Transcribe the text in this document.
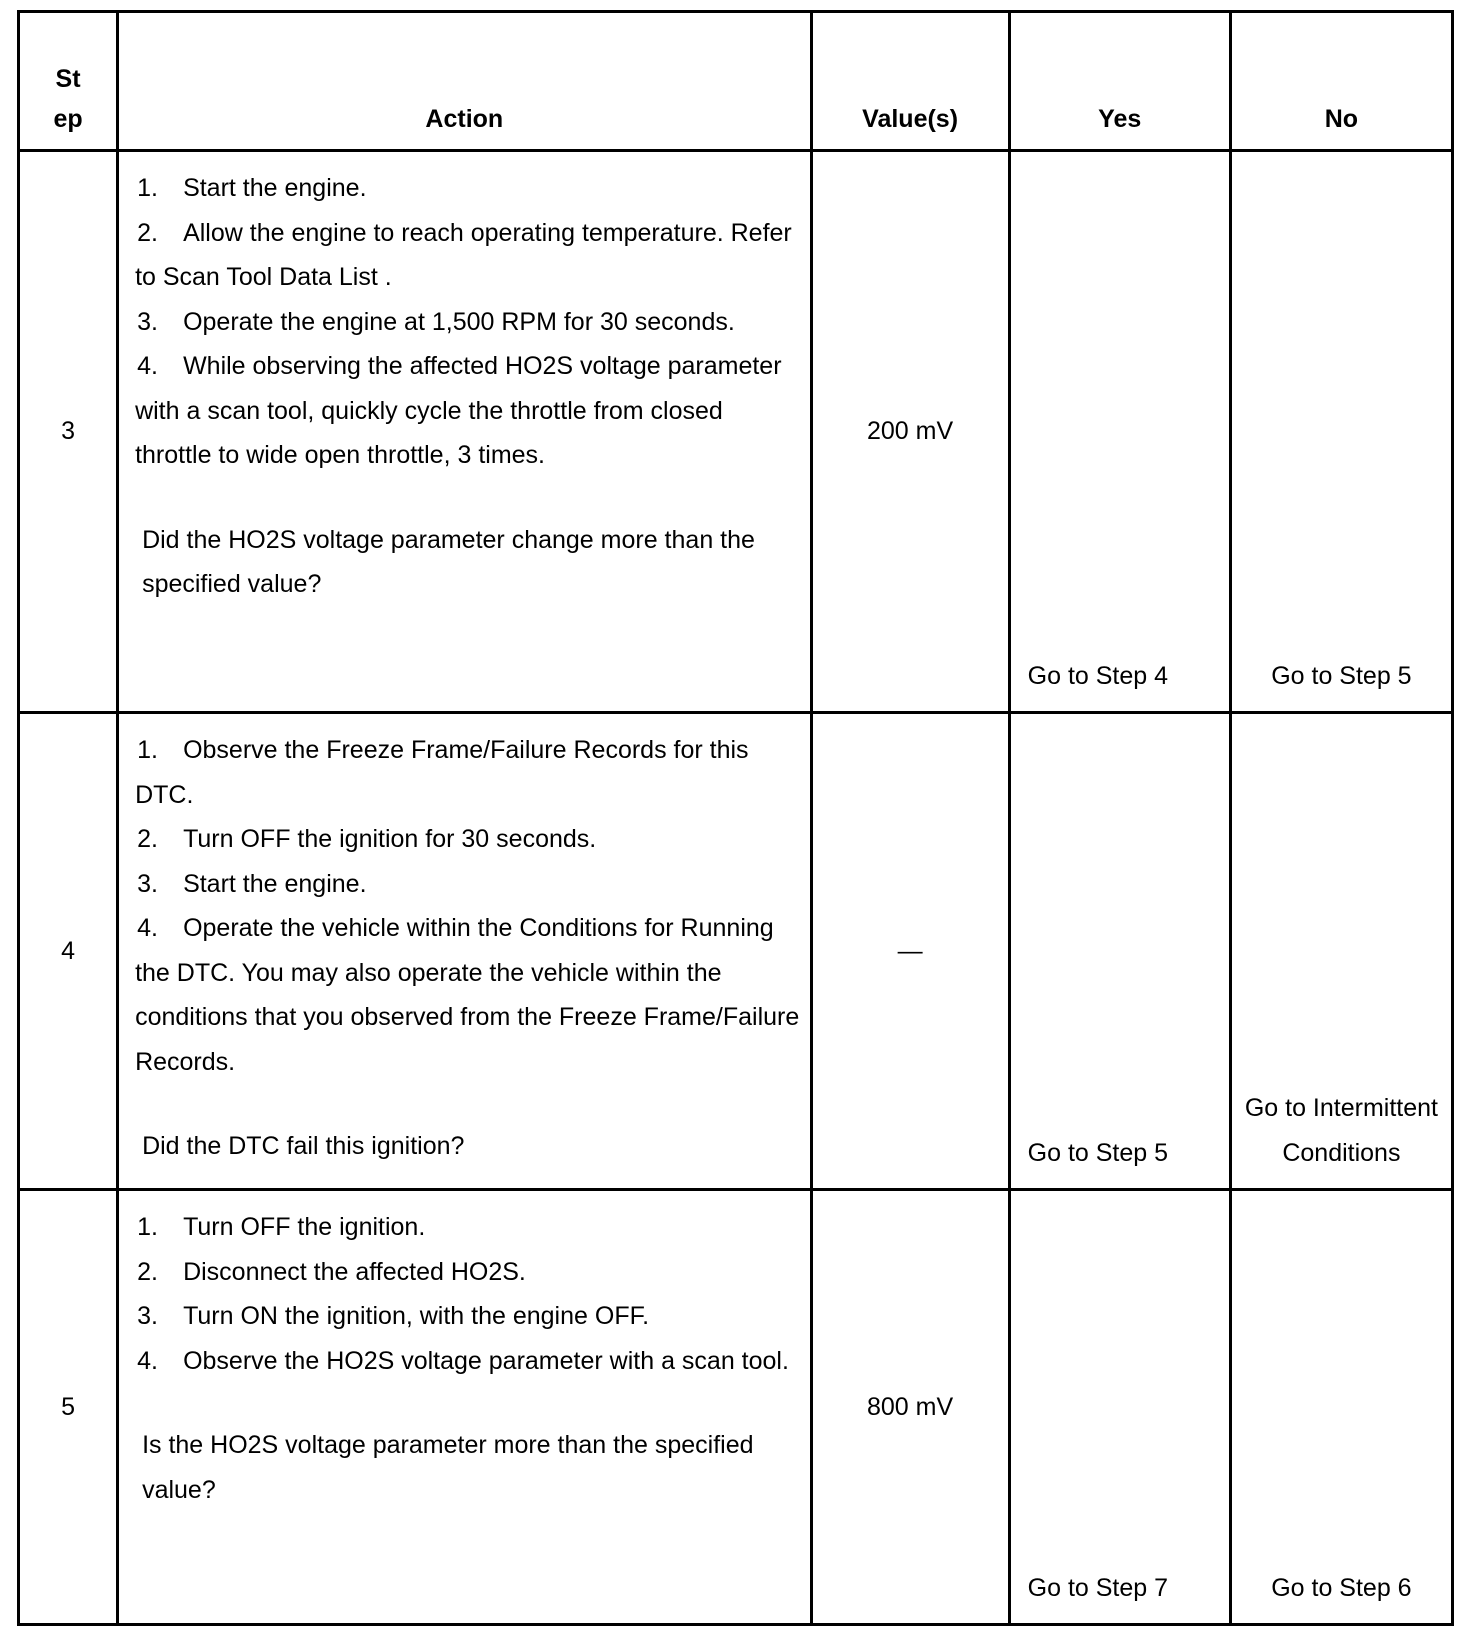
St
ep	Action	Value(s)	Yes	No
3	1. Start the engine.
2. Allow the engine to reach operating temperature. Refer to Scan Tool Data List .
3. Operate the engine at 1,500 RPM for 30 seconds.
4. While observing the affected HO2S voltage parameter with a scan tool, quickly cycle the throttle from closed throttle to wide open throttle, 3 times.
Did the HO2S voltage parameter change more than the specified value?	200 mV	Go to Step 4	Go to Step 5
4	1. Observe the Freeze Frame/Failure Records for this DTC.
2. Turn OFF the ignition for 30 seconds.
3. Start the engine.
4. Operate the vehicle within the Conditions for Running the DTC. You may also operate the vehicle within the conditions that you observed from the Freeze Frame/Failure Records.
Did the DTC fail this ignition?	—	Go to Step 5	Go to Intermittent Conditions
5	1. Turn OFF the ignition.
2. Disconnect the affected HO2S.
3. Turn ON the ignition, with the engine OFF.
4. Observe the HO2S voltage parameter with a scan tool.
Is the HO2S voltage parameter more than the specified value?	800 mV	Go to Step 7	Go to Step 6
